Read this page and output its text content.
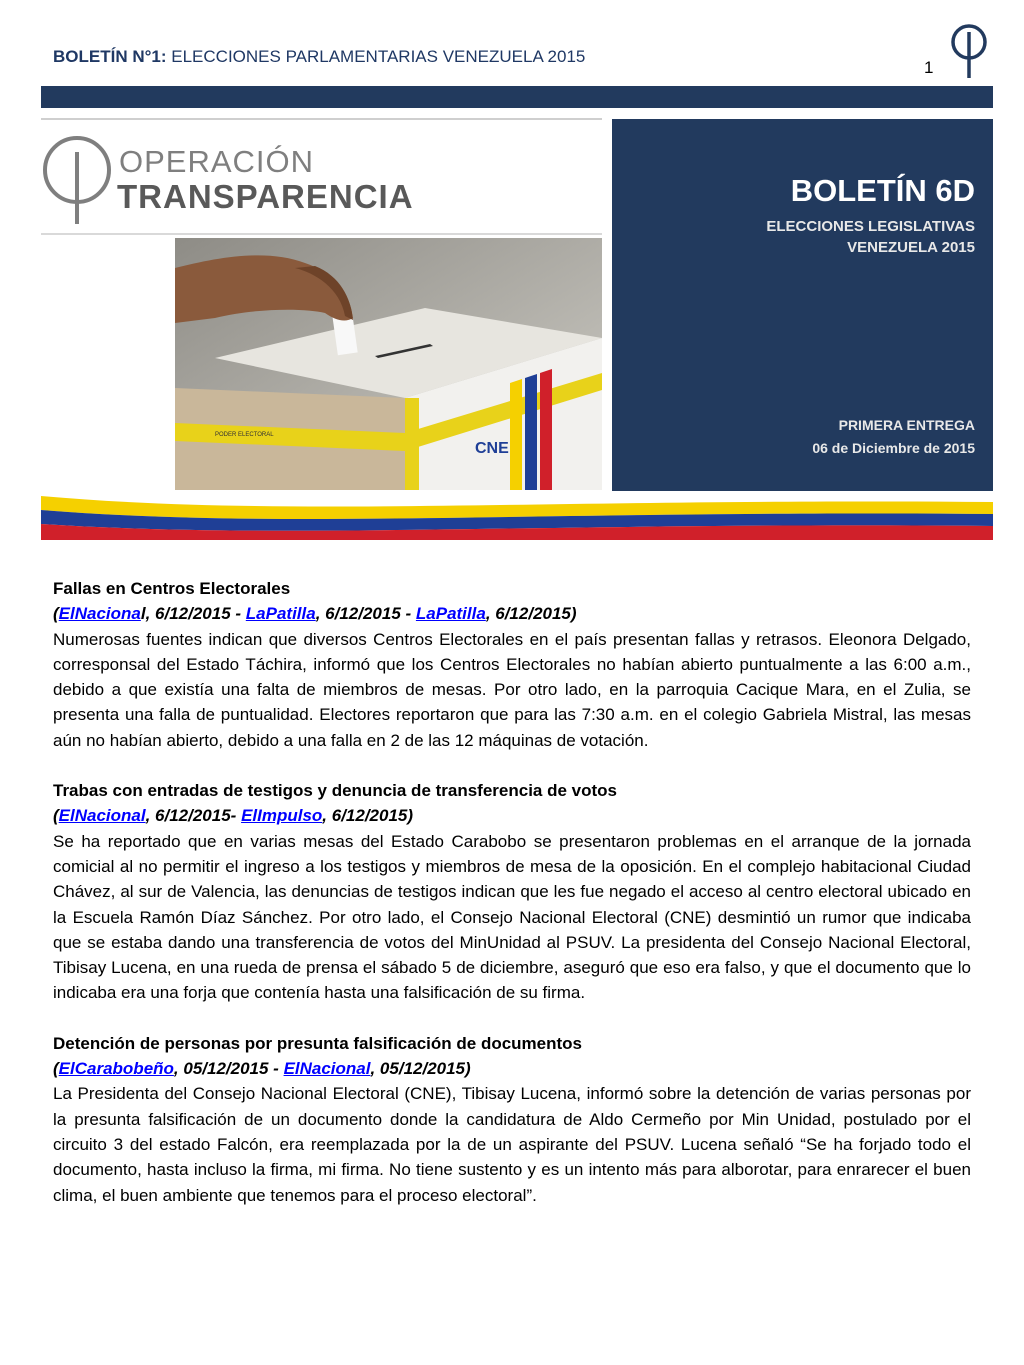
BOLETÍN N°1: ELECCIONES PARLAMENTARIAS VENEZUELA 2015
1
OPERACIÓN
TRANSPARENCIA
CNE
PODER ELECTORAL
BOLETÍN 6D
ELECCIONES LEGISLATIVAS
VENEZUELA 2015
PRIMERA ENTREGA
06 de Diciembre de 2015
Fallas en Centros Electorales
(ElNacional, 6/12/2015 - LaPatilla, 6/12/2015 - LaPatilla, 6/12/2015)
Numerosas fuentes indican que diversos Centros Electorales en el país presentan fallas y retrasos. Eleonora Delgado, corresponsal del Estado Táchira, informó que los Centros Electorales no habían abierto puntualmente a las 6:00 a.m., debido a que existía una falta de miembros de mesas. Por otro lado, en la parroquia Cacique Mara, en el Zulia, se presenta una falla de puntualidad. Electores reportaron que para las 7:30 a.m. en el colegio Gabriela Mistral, las mesas aún no habían abierto, debido a una falla en 2 de las 12 máquinas de votación.
Trabas con entradas de testigos y denuncia de transferencia de votos
(ElNacional, 6/12/2015- ElImpulso, 6/12/2015)
Se ha reportado que en varias mesas del Estado Carabobo se presentaron problemas en el arranque de la jornada comicial al no permitir el ingreso a los testigos y miembros de mesa de la oposición. En el complejo habitacional Ciudad Chávez, al sur de Valencia, las denuncias de testigos indican que les fue negado el acceso al centro electoral ubicado en la Escuela Ramón Díaz Sánchez. Por otro lado, el Consejo Nacional Electoral (CNE) desmintió un rumor que indicaba que se estaba dando una transferencia de votos del MinUnidad al PSUV. La presidenta del Consejo Nacional Electoral, Tibisay Lucena, en una rueda de prensa el sábado 5 de diciembre, aseguró que eso era falso, y que el documento que lo indicaba era una forja que contenía hasta una falsificación de su firma.
Detención de personas por presunta falsificación de documentos
(ElCarabobeño, 05/12/2015 - ElNacional, 05/12/2015)
La Presidenta del Consejo Nacional Electoral (CNE), Tibisay Lucena, informó sobre la detención de varias personas por la presunta falsificación de un documento donde la candidatura de Aldo Cermeño por Min Unidad, postulado por el circuito 3 del estado Falcón, era reemplazada por la de un aspirante del PSUV. Lucena señaló “Se ha forjado todo el documento, hasta incluso la firma, mi firma. No tiene sustento y es un intento más para alborotar, para enrarecer el buen clima, el buen ambiente que tenemos para el proceso electoral”.
